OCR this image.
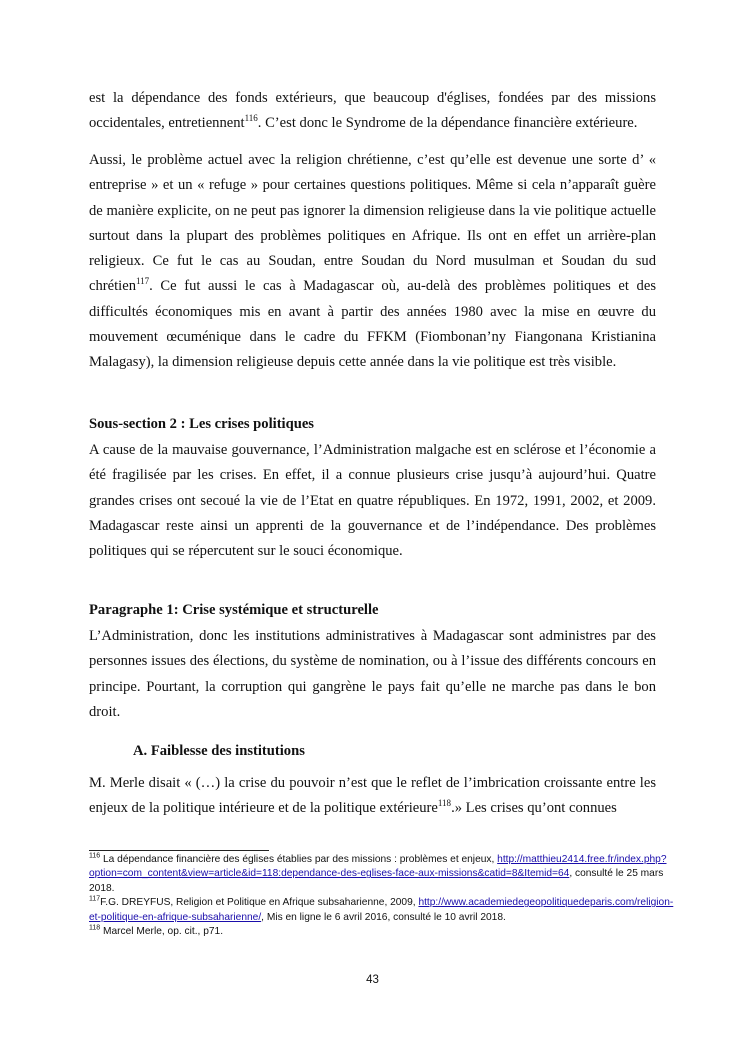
est la dépendance des fonds extérieurs, que beaucoup d'églises, fondées par des missions occidentales, entretiennent$^{116}$. C’est donc le Syndrome de la dépendance financière extérieure.

Aussi, le problème actuel avec la religion chrétienne, c’est qu’elle est devenue une sorte d’ « entreprise » et un « refuge » pour certaines questions politiques. Même si cela n’apparaît guère de manière explicite, on ne peut pas ignorer la dimension religieuse dans la vie politique actuelle surtout dans la plupart des problèmes politiques en Afrique. Ils ont en effet un arrière-plan religieux. Ce fut le cas au Soudan, entre Soudan du Nord musulman et Soudan du sud chrétien$^{117}$. Ce fut aussi le cas à Madagascar où, au-delà des problèmes politiques et des difficultés économiques mis en avant à partir des années 1980 avec la mise en œuvre du mouvement œcuménique dans le cadre du FFKM (Fiombonan’ny Fiangonana Kristianina Malagasy), la dimension religieuse depuis cette année dans la vie politique est très visible.

Sous-section 2 : Les crises politiques

A cause de la mauvaise gouvernance, l’Administration malgache est en sclérose et l’économie a été fragilisée par les crises. En effet, il a connue plusieurs crise jusqu’à aujourd’hui. Quatre grandes crises ont secoué la vie de l’Etat en quatre républiques. En 1972, 1991, 2002, et 2009. Madagascar reste ainsi un apprenti de la gouvernance et de l’indépendance. Des problèmes politiques qui se répercutent sur le souci économique.

Paragraphe 1: Crise systémique et structurelle

L’Administration, donc les institutions administratives à Madagascar sont administres par des personnes issues des élections, du système de nomination, ou à l’issue des différents concours en principe. Pourtant, la corruption qui gangrène le pays fait qu’elle ne marche pas dans le bon droit.

A. Faiblesse des institutions

M. Merle disait « (…) la crise du pouvoir n’est que le reflet de l’imbrication croissante entre les enjeux de la politique intérieure et de la politique extérieure$^{118}$.» Les crises qu’ont connues

$^{116}$ La dépendance financière des églises établies par des missions : problèmes et enjeux, http://matthieu2414.free.fr/index.php?option=com_content&view=article&id=118:dependance-des-eglises-face-aux-missions&catid=8&Itemid=64, consulté le 25 mars 2018.

$^{117}$F.G. DREYFUS, Religion et Politique en Afrique subsaharienne, 2009, http://www.academiedegeopolitiquedeparis.com/religion-et-politique-en-afrique-subsaharienne/, Mis en ligne le 6 avril 2016, consulté le 10 avril 2018.

$^{118}$ Marcel Merle, op. cit., p71.

43
